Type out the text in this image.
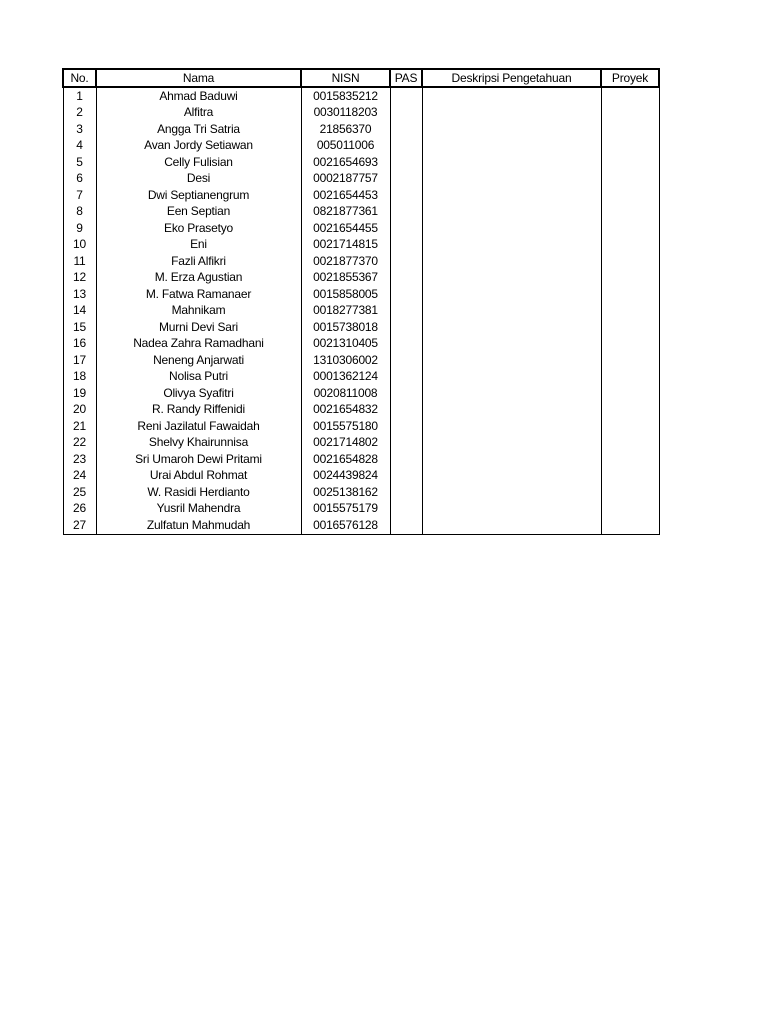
No.	Nama	NISN	PAS	Deskripsi Pengetahuan	Proyek
1	Ahmad Baduwi	0015835212			
2	Alfitra	0030118203			
3	Angga Tri Satria	21856370			
4	Avan Jordy Setiawan	005011006			
5	Celly Fulisian	0021654693			
6	Desi	0002187757			
7	Dwi Septianengrum	0021654453			
8	Een Septian	0821877361			
9	Eko Prasetyo	0021654455			
10	Eni	0021714815			
11	Fazli Alfikri	0021877370			
12	M. Erza Agustian	0021855367			
13	M. Fatwa Ramanaer	0015858005			
14	Mahnikam	0018277381			
15	Murni Devi Sari	0015738018			
16	Nadea Zahra Ramadhani	0021310405			
17	Neneng Anjarwati	1310306002			
18	Nolisa Putri	0001362124			
19	Olivya Syafitri	0020811008			
20	R. Randy Riffenidi	0021654832			
21	Reni Jazilatul Fawaidah	0015575180			
22	Shelvy Khairunnisa	0021714802			
23	Sri Umaroh Dewi Pritami	0021654828			
24	Urai Abdul Rohmat	0024439824			
25	W. Rasidi Herdianto	0025138162			
26	Yusril Mahendra	0015575179			
27	Zulfatun Mahmudah	0016576128			
